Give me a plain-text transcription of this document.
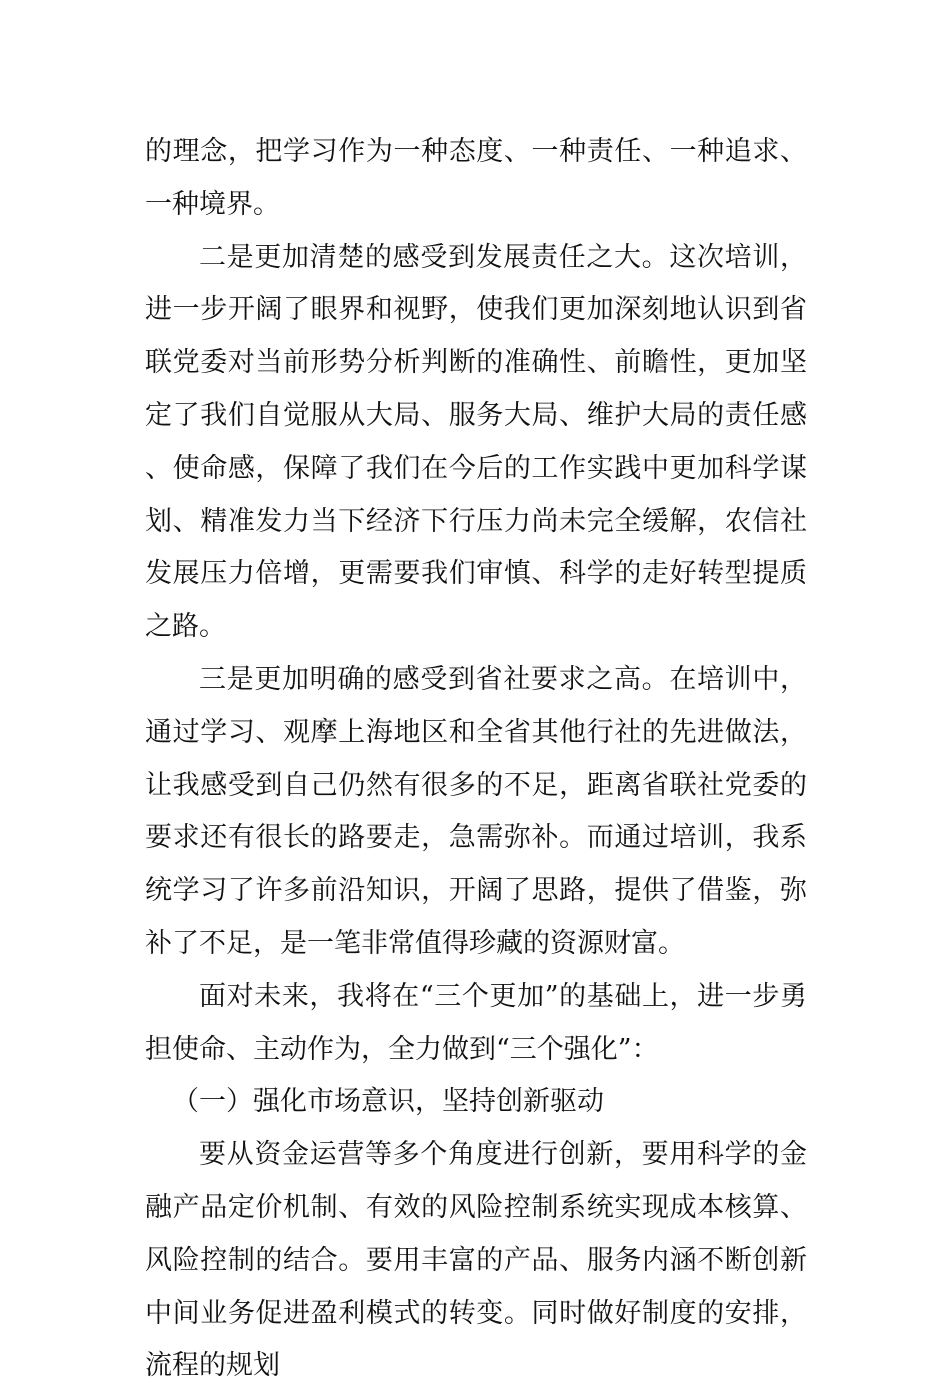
的理念，把学习作为一种态度、一种责任、一种追求、一种境界。

二是更加清楚的感受到发展责任之大。这次培训，进一步开阔了眼界和视野，使我们更加深刻地认识到省联党委对当前形势分析判断的准确性、前瞻性，更加坚定了我们自觉服从大局、服务大局、维护大局的责任感、使命感，保障了我们在今后的工作实践中更加科学谋划、精准发力当下经济下行压力尚未完全缓解，农信社发展压力倍增，更需要我们审慎、科学的走好转型提质之路。

三是更加明确的感受到省社要求之高。在培训中，通过学习、观摩上海地区和全省其他行社的先进做法，让我感受到自己仍然有很多的不足，距离省联社党委的要求还有很长的路要走，急需弥补。而通过培训，我系统学习了许多前沿知识，开阔了思路，提供了借鉴，弥补了不足，是一笔非常值得珍藏的资源财富。

面对未来，我将在“三个更加”的基础上，进一步勇担使命、主动作为，全力做到“三个强化”：

（一）强化市场意识，坚持创新驱动

要从资金运营等多个角度进行创新，要用科学的金融产品定价机制、有效的风险控制系统实现成本核算、风险控制的结合。要用丰富的产品、服务内涵不断创新中间业务促进盈利模式的转变。同时做好制度的安排，流程的规划
